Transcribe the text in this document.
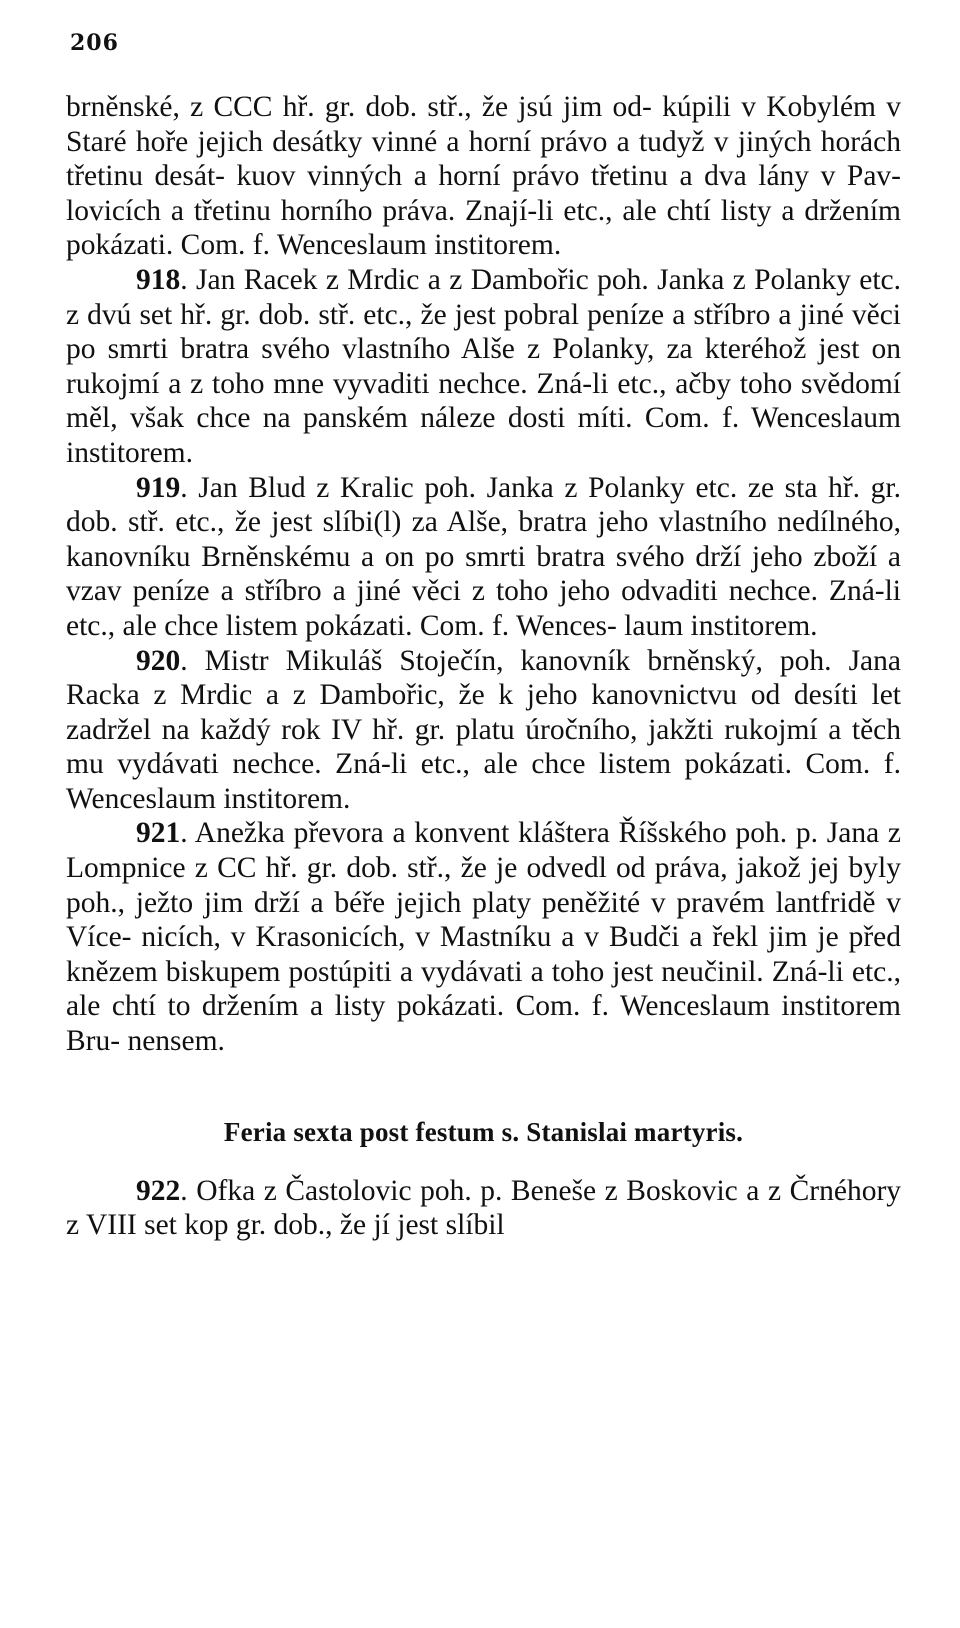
206

brněnské, z CCC hř. gr. dob. stř., že jsú jim od- kúpili v Kobylém v Staré hoře jejich desátky vinné a horní právo a tudyž v jiných horách třetinu desát- kuov vinných a horní právo třetinu a dva lány v Pav- lovicích a třetinu horního práva. Znají-li etc., ale chtí listy a držením pokázati. Com. f. Wenceslaum institorem.

918. Jan Racek z Mrdic a z Dambořic poh. Janka z Polanky etc. z dvú set hř. gr. dob. stř. etc., že jest pobral peníze a stříbro a jiné věci po smrti bratra svého vlastního Alše z Polanky, za kteréhož jest on rukojmí a z toho mne vyvaditi nechce. Zná-li etc., ačby toho svědomí měl, však chce na panském náleze dosti míti. Com. f. Wenceslaum institorem.

919. Jan Blud z Kralic poh. Janka z Polanky etc. ze sta hř. gr. dob. stř. etc., že jest slíbi(l) za Alše, bratra jeho vlastního nedílného, kanovníku Brněnskému a on po smrti bratra svého drží jeho zboží a vzav peníze a stříbro a jiné věci z toho jeho odvaditi nechce. Zná-li etc., ale chce listem pokázati. Com. f. Wences- laum institorem.

920. Mistr Mikuláš Stoječín, kanovník brněnský, poh. Jana Racka z Mrdic a z Dambořic, že k jeho kanovnictvu od desíti let zadržel na každý rok IV hř. gr. platu úročního, jakžti rukojmí a těch mu vydávati nechce. Zná-li etc., ale chce listem pokázati. Com. f. Wenceslaum institorem.

921. Anežka převora a konvent kláštera Říšského poh. p. Jana z Lompnice z CC hř. gr. dob. stř., že je odvedl od práva, jakož jej byly poh., ježto jim drží a béře jejich platy peněžité v pravém lantfridě v Více- nicích, v Krasonicích, v Mastníku a v Budči a řekl jim je před knězem biskupem postúpiti a vydávati a toho jest neučinil. Zná-li etc., ale chtí to držením a listy pokázati. Com. f. Wenceslaum institorem Bru- nensem.

Feria sexta post festum s. Stanislai martyris.

922. Ofka z Častolovic poh. p. Beneše z Boskovic a z Črnéhory z VIII set kop gr. dob., že jí jest slíbil
